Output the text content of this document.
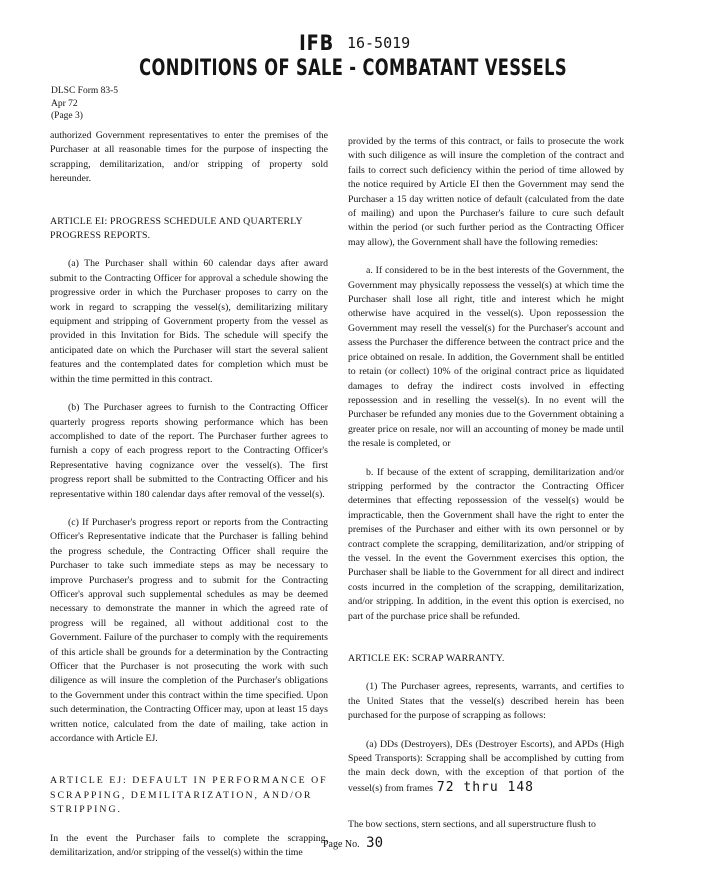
IFB 16-5019
CONDITIONS OF SALE - COMBATANT VESSELS
DLSC Form 83-5
Apr 72
(Page 3)

authorized Government representatives to enter the premises of the Purchaser at all reasonable times for the purpose of inspecting the scrapping, demilitarization, and/or stripping of property sold hereunder.

ARTICLE EI: PROGRESS SCHEDULE AND QUARTERLY PROGRESS REPORTS.

(a) The Purchaser shall within 60 calendar days after award submit to the Contracting Officer for approval a schedule showing the progressive order in which the Purchaser proposes to carry on the work in regard to scrapping the vessel(s), demilitarizing military equipment and stripping of Government property from the vessel as provided in this Invitation for Bids. The schedule will specify the anticipated date on which the Purchaser will start the several salient features and the contemplated dates for completion which must be within the time permitted in this contract.

(b) The Purchaser agrees to furnish to the Contracting Officer quarterly progress reports showing performance which has been accomplished to date of the report. The Purchaser further agrees to furnish a copy of each progress report to the Contracting Officer's Representative having cognizance over the vessel(s). The first progress report shall be submitted to the Contracting Officer and his representative within 180 calendar days after removal of the vessel(s).

(c) If Purchaser's progress report or reports from the Contracting Officer's Representative indicate that the Purchaser is falling behind the progress schedule, the Contracting Officer shall require the Purchaser to take such immediate steps as may be necessary to improve Purchaser's progress and to submit for the Contracting Officer's approval such supplemental schedules as may be deemed necessary to demonstrate the manner in which the agreed rate of progress will be regained, all without additional cost to the Government. Failure of the purchaser to comply with the requirements of this article shall be grounds for a determination by the Contracting Officer that the Purchaser is not prosecuting the work with such diligence as will insure the completion of the Purchaser's obligations to the Government under this contract within the time specified. Upon such determination, the Contracting Officer may, upon at least 15 days written notice, calculated from the date of mailing, take action in accordance with Article EJ.

ARTICLE EJ: DEFAULT IN PERFORMANCE OF SCRAPPING, DEMILITARIZATION, AND/OR STRIPPING.

In the event the Purchaser fails to complete the scrapping, demilitarization, and/or stripping of the vessel(s) within the time

provided by the terms of this contract, or fails to prosecute the work with such diligence as will insure the completion of the contract and fails to correct such deficiency within the period of time allowed by the notice required by Article EI then the Government may send the Purchaser a 15 day written notice of default (calculated from the date of mailing) and upon the Purchaser's failure to cure such default within the period (or such further period as the Contracting Officer may allow), the Government shall have the following remedies:

a. If considered to be in the best interests of the Government, the Government may physically repossess the vessel(s) at which time the Purchaser shall lose all right, title and interest which he might otherwise have acquired in the vessel(s). Upon repossession the Government may resell the vessel(s) for the Purchaser's account and assess the Purchaser the difference between the contract price and the price obtained on resale. In addition, the Government shall be entitled to retain (or collect) 10% of the original contract price as liquidated damages to defray the indirect costs involved in effecting repossession and in reselling the vessel(s). In no event will the Purchaser be refunded any monies due to the Government obtaining a greater price on resale, nor will an accounting of money be made until the resale is completed, or

b. If because of the extent of scrapping, demilitarization and/or stripping performed by the contractor the Contracting Officer determines that effecting repossession of the vessel(s) would be impracticable, then the Government shall have the right to enter the premises of the Purchaser and either with its own personnel or by contract complete the scrapping, demilitarization, and/or stripping of the vessel. In the event the Government exercises this option, the Purchaser shall be liable to the Government for all direct and indirect costs incurred in the completion of the scrapping, demilitarization, and/or stripping. In addition, in the event this option is exercised, no part of the purchase price shall be refunded.

ARTICLE EK: SCRAP WARRANTY.

(1) The Purchaser agrees, represents, warrants, and certifies to the United States that the vessel(s) described herein has been purchased for the purpose of scrapping as follows:

(a) DDs (Destroyers), DEs (Destroyer Escorts), and APDs (High Speed Transports): Scrapping shall be accomplished by cutting from the main deck down, with the exception of that portion of the vessel(s) from frames 72 thru 148

The bow sections, stern sections, and all superstructure flush to

Page No. 30
